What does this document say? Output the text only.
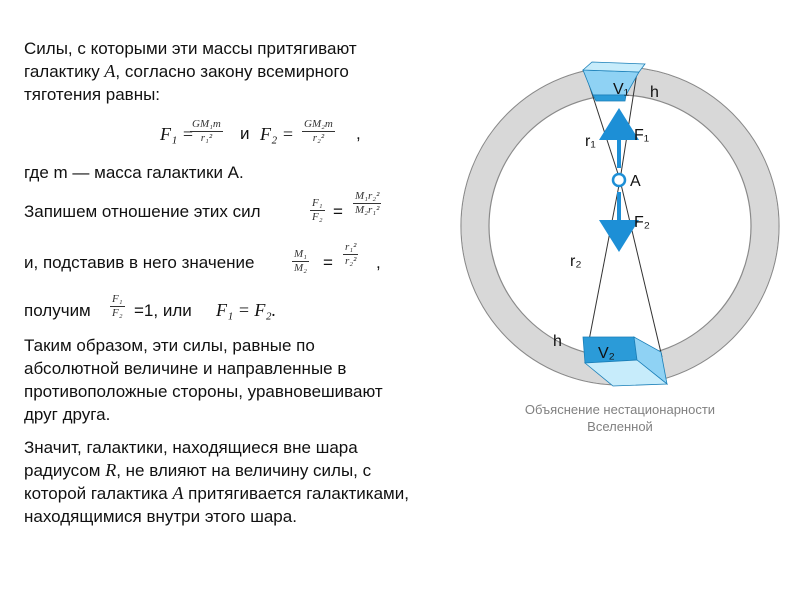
Силы, с которыми эти массы притягивают
галактику A, согласно закону всемирного
тяготения равны:
F₁ =
$\frac{\text{GM₁m}}{\text{r₁²}}$ и $F_2 = \frac{\text{GM₂m}}{\text{r₂²}}$ ,
где m — масса галактики А.
Запишем отношение этих сил	$\frac{\text{F₁}}{\text{F₂}} = \frac{\text{M₁r₂²}}{\text{M₂r₁²}}$
и, подставив в него значение	$\frac{\text{M₁}}{\text{M₂}} = \frac{\text{r₁²}}{\text{r₂²}}$ ,
получим $\frac{\text{F₁}}{\text{F₂}} =1$, или F₁ = F₂.
Таким образом, эти силы, равные по
абсолютной величине и направленные в
противоположные стороны, уравновешивают
друг друга.
Значит, галактики, находящиеся вне шара
радиусом R, не влияют на величину силы, с
которой галактика A притягивается галактиками,
находящимися внутри этого шара.
V₁ h
r₁ F₁
A
F₂
r₂
h
V₂
Объяснение нестационарности
Вселенной
